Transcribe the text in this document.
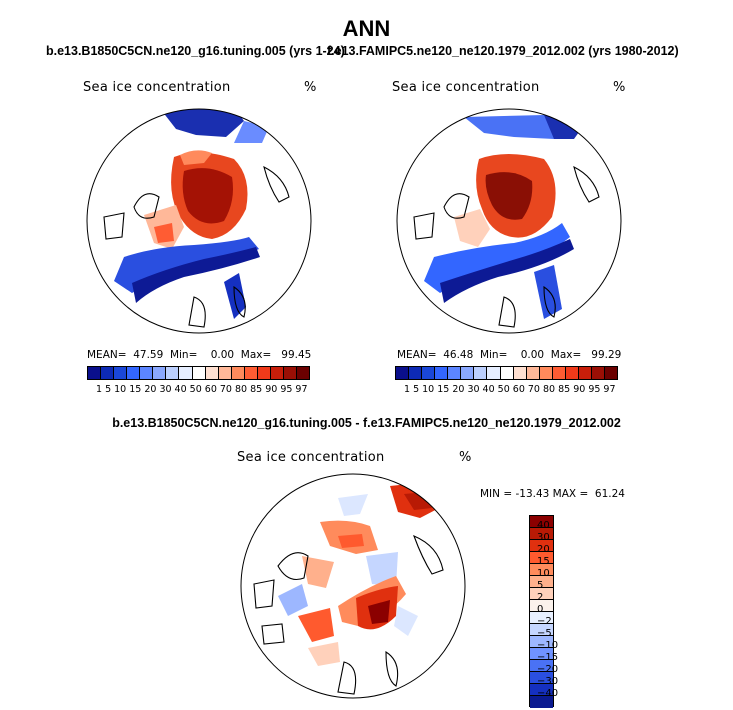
ANN
b.e13.B1850C5CN.ne120_g16.tuning.005 (yrs 1-24)
f.e13.FAMIPC5.ne120_ne120.1979_2012.002 (yrs 1980-2012)
Sea ice concentration	%	Sea ice concentration	%
MEAN=  47.59  Min=    0.00  Max=   99.45	MEAN=  46.48  Min=    0.00  Max=   99.29
1 5 10 15 20 30 40 50 60 70 80 85 90 95 97	1 5 10 15 20 30 40 50 60 70 80 85 90 95 97
b.e13.B1850C5CN.ne120_g16.tuning.005 - f.e13.FAMIPC5.ne120_ne120.1979_2012.002
Sea ice concentration	%
MIN = -13.43 MAX =  61.24
40
30
20
15
10
5
2
0
−2
−5
−10
−15
−20
−30
−40
